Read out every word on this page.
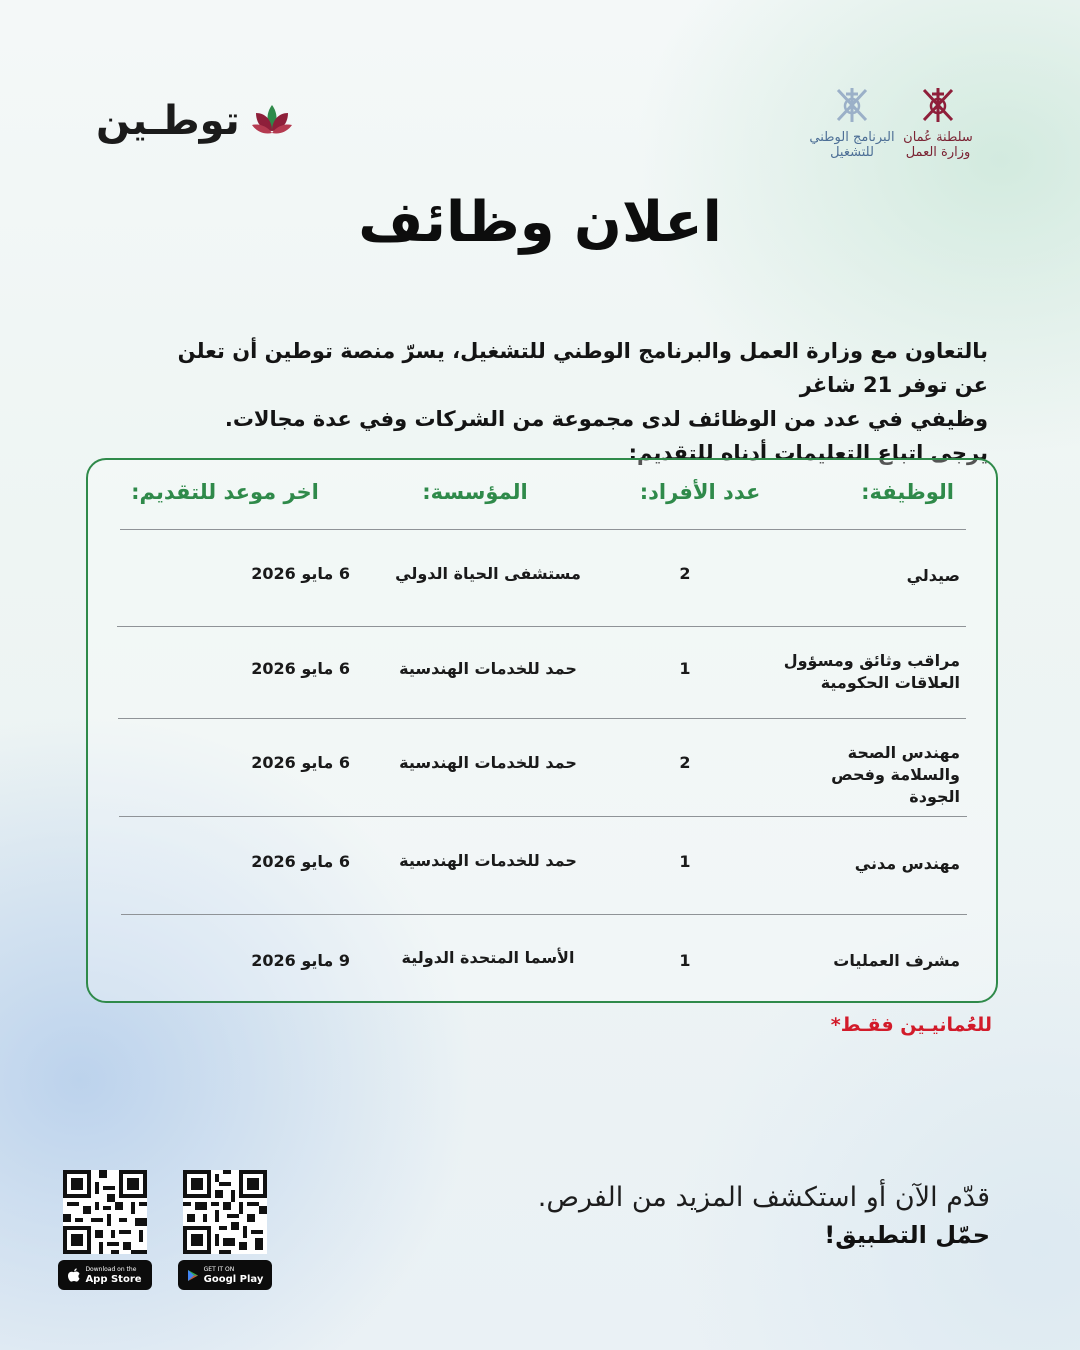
توطـين	سلطنة عُمان
وزارة العمل
البرنامج الوطني
للتشغيل
اعلان وظائف

بالتعاون مع وزارة العمل والبرنامج الوطني للتشغيل، يسرّ منصة توطين أن تعلن عن توفر 21 شاغر

وظيفي في عدد من الوظائف لدى مجموعة من الشركات وفي عدة مجالات.

يرجى اتباع التعليمات أدناه للتقديم:

الوظيفة:
عدد الأفراد:
المؤسسة:
اخر موعد للتقديم:
صيدلي
2
مستشفى الحياة الدولي
6 مايو 2026
مراقب وثائق ومسؤول العلاقات الحكومية
1
حمد للخدمات الهندسية
6 مايو 2026
مهندس الصحة والسلامة وفحص الجودة
2
حمد للخدمات الهندسية
6 مايو 2026
مهندس مدني
1
حمد للخدمات الهندسية
6 مايو 2026
مشرف العمليات
1
الأسما المتحدة الدولية
9 مايو 2026
للعُمانيـين فقـط*
قدّم الآن أو استكشف المزيد من الفرص.
حمّل التطبيق!
GET IT ON
Googl Play
Download on the
App Store
